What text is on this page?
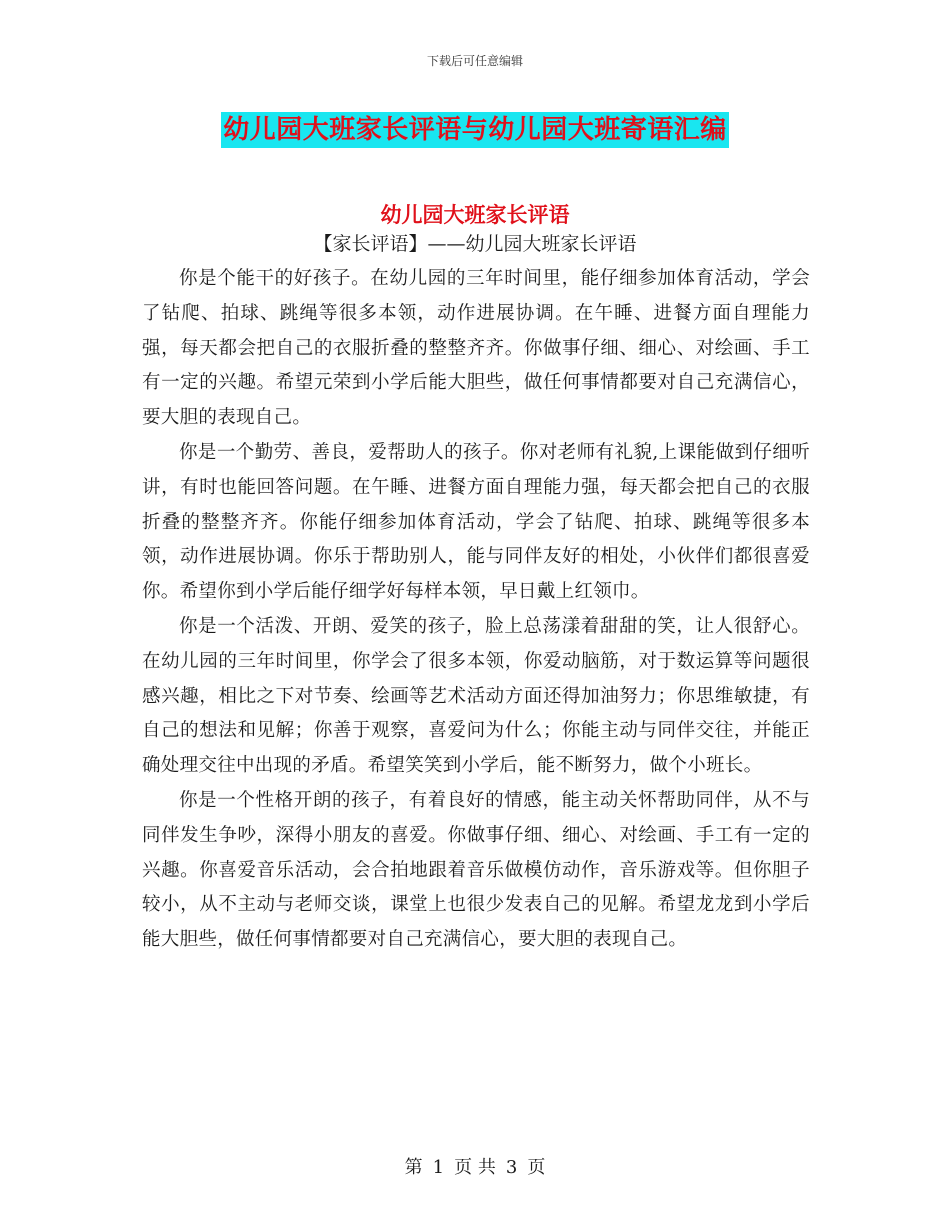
下载后可任意编辑
幼儿园大班家长评语与幼儿园大班寄语汇编
幼儿园大班家长评语
【家长评语】——幼儿园大班家长评语

你是个能干的好孩子。在幼儿园的三年时间里，能仔细参加体育活动，学会了钻爬、拍球、跳绳等很多本领，动作进展协调。在午睡、进餐方面自理能力强，每天都会把自己的衣服折叠的整整齐齐。你做事仔细、细心、对绘画、手工有一定的兴趣。希望元荣到小学后能大胆些，做任何事情都要对自己充满信心，要大胆的表现自己。

你是一个勤劳、善良，爱帮助人的孩子。你对老师有礼貌,上课能做到仔细听讲，有时也能回答问题。在午睡、进餐方面自理能力强，每天都会把自己的衣服折叠的整整齐齐。你能仔细参加体育活动，学会了钻爬、拍球、跳绳等很多本领，动作进展协调。你乐于帮助别人，能与同伴友好的相处，小伙伴们都很喜爱你。希望你到小学后能仔细学好每样本领，早日戴上红领巾。

你是一个活泼、开朗、爱笑的孩子，脸上总荡漾着甜甜的笑，让人很舒心。在幼儿园的三年时间里，你学会了很多本领，你爱动脑筋，对于数运算等问题很感兴趣，相比之下对节奏、绘画等艺术活动方面还得加油努力；你思维敏捷，有自己的想法和见解；你善于观察，喜爱问为什么；你能主动与同伴交往，并能正确处理交往中出现的矛盾。希望笑笑到小学后，能不断努力，做个小班长。

你是一个性格开朗的孩子，有着良好的情感，能主动关怀帮助同伴，从不与同伴发生争吵，深得小朋友的喜爱。你做事仔细、细心、对绘画、手工有一定的兴趣。你喜爱音乐活动，会合拍地跟着音乐做模仿动作，音乐游戏等。但你胆子较小，从不主动与老师交谈，课堂上也很少发表自己的见解。希望龙龙到小学后能大胆些，做任何事情都要对自己充满信心，要大胆的表现自己。

第 1 页 共 3 页
